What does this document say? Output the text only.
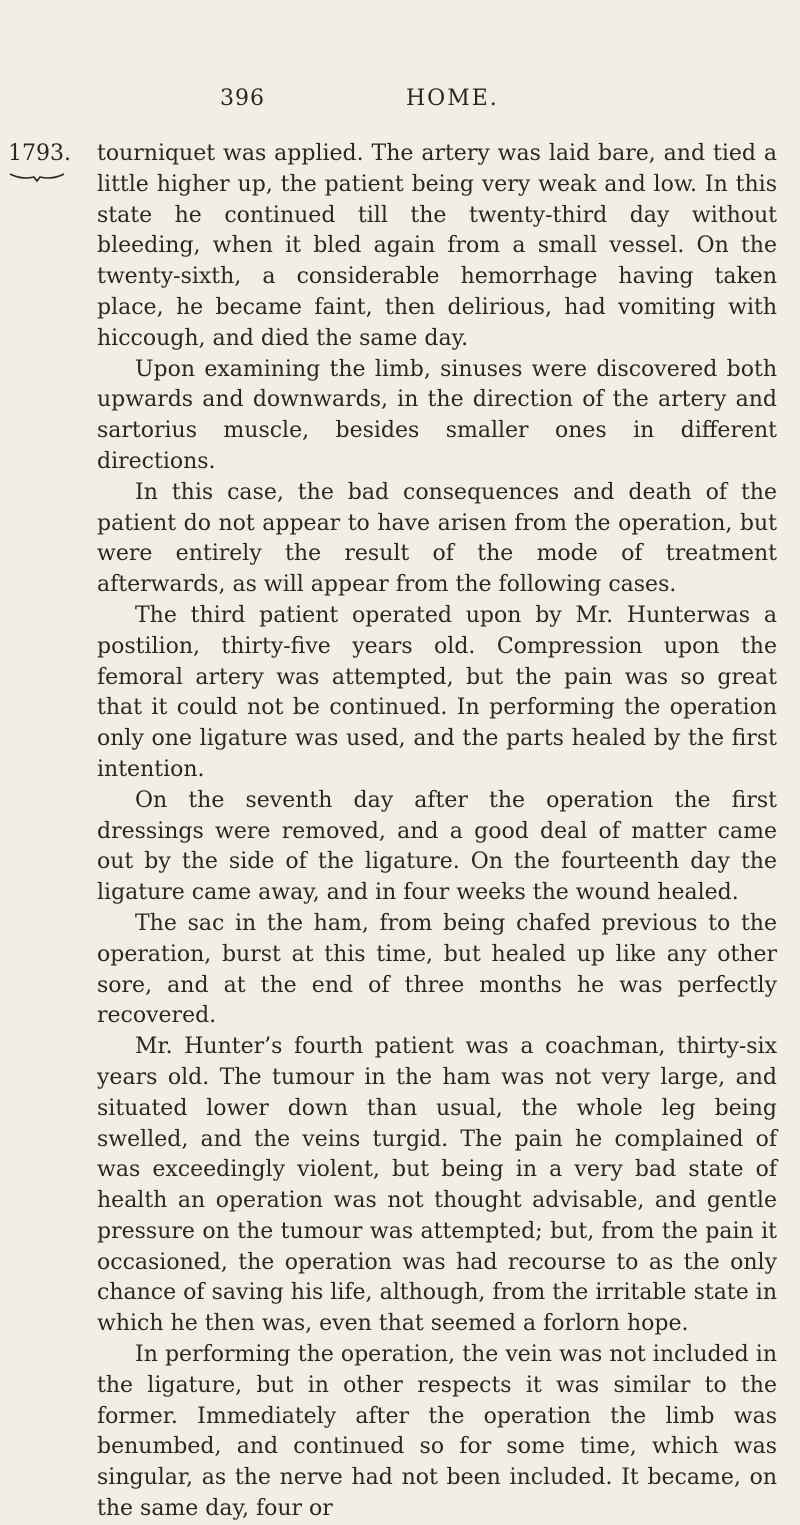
396	HOME.
1793.	tourniquet was applied. The artery was laid bare, and tied a little higher up, the patient being very weak and low. In this state he continued till the twenty-third day without bleeding, when it bled again from a small vessel. On the twenty-sixth, a considerable hemorrhage having taken place, he became faint, then delirious, had vomiting with hiccough, and died the same day.

Upon examining the limb, sinuses were discovered both upwards and downwards, in the direction of the artery and sartorius muscle, besides smaller ones in different directions.

In this case, the bad consequences and death of the patient do not appear to have arisen from the operation, but were entirely the result of the mode of treatment afterwards, as will appear from the following cases.

The third patient operated upon by Mr. Hunterwas a postilion, thirty-five years old. Compression upon the femoral artery was attempted, but the pain was so great that it could not be continued. In performing the operation only one ligature was used, and the parts healed by the first intention.

On the seventh day after the operation the first dressings were removed, and a good deal of matter came out by the side of the ligature. On the fourteenth day the ligature came away, and in four weeks the wound healed.

The sac in the ham, from being chafed previous to the operation, burst at this time, but healed up like any other sore, and at the end of three months he was perfectly recovered.

Mr. Hunter’s fourth patient was a coachman, thirty-six years old. The tumour in the ham was not very large, and situated lower down than usual, the whole leg being swelled, and the veins turgid. The pain he complained of was exceedingly violent, but being in a very bad state of health an operation was not thought advisable, and gentle pressure on the tumour was attempted; but, from the pain it occasioned, the operation was had recourse to as the only chance of saving his life, although, from the irritable state in which he then was, even that seemed a forlorn hope.

In performing the operation, the vein was not included in the ligature, but in other respects it was similar to the former. Immediately after the operation the limb was benumbed, and continued so for some time, which was singular, as the nerve had not been included. It became, on the same day, four or
